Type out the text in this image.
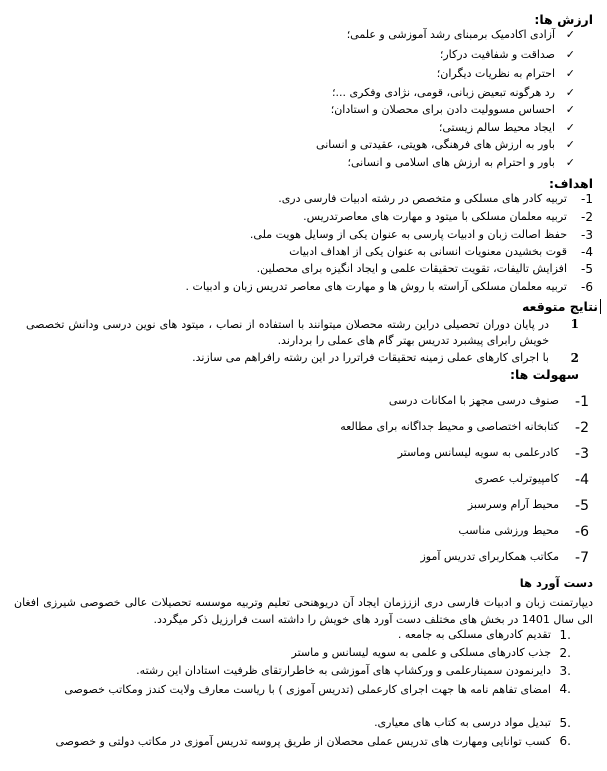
ارزش ها:
✓
آزادی اکادمیک برمبنای رشد آموزشی و علمی؛
✓
صداقت و شفافیت درکار؛
✓
احترام به نظریات دیگران؛
✓
رد هرگونه تبعیض زبانی، قومی، نژادی وفکری ...؛
✓
احساس مسوولیت دادن برای محصلان و استادان؛
✓
ایجاد محیط سالم زیستی؛
✓
باور به ارزش های فرهنگی، هویتی، عقیدتی و انسانی
✓
باور و احترام به ارزش های اسلامی و انسانی؛
اهداف:
1-
تربیه کادر های مسلکی و متخصص در رشته ادبیات فارسی دری.
2-
تربیه معلمان مسلکی با میتود و مهارت های معاصرتدریس.
3-
حفظ اصالت زبان و ادبیات پارسی به عنوان یکی از وسایل هویت ملی.
4-
قوت بخشیدن معنویات انسانی به عنوان یکی از اهداف ادبیات
5-
افزایش تالیفات، تقویت تحقیقات علمی و ایجاد انگیزه برای محصلین.
6-
تربیه معلمان مسلکی آراسته با روش ها و مهارت های معاصر تدریس زبان و ادبیات .
نتایج متوقعه
1
در پایان دوران تحصیلی دراین رشته محصلان میتوانند با استفاده از نصاب ، میتود های نوین درسی ودانش تخصصی خویش رابرای پیشبرد تدریس بهتر گام های عملی را بردارند.
2
با اجرای کارهای عملی زمینه تحقیقات فراتررا در این رشته رافراهم می سازند.
سهولت ها:
1-
صنوف درسی مجهز با امکانات درسی
2-
کتابخانه اختصاصی و محیط جداگانه برای مطالعه
3-
کادرعلمی به سویه لیسانس وماستر
4-
کامپیوترلب عصری
5-
محیط آرام وسرسبز
6-
محیط ورزشی مناسب
7-
مکاتب همکاربرای تدریس آموز
دست آورد ها
دیپارتمنت زبان و ادبیات فارسی دری ازززمان ایجاد آن دریوهنحی تعلیم وتربیه موسسه تحصیلات عالی خصوصی شیرزی افغان الی سال 1401 در بخش های مختلف دست آورد های خویش را داشته است فرارزیل ذکر میگردد.
.1
تقدیم کادرهای مسلکی به جامعه .
.2
جذب کادرهای مسلکی و علمی به سویه لیسانس و ماستر
.3
دایرنمودن سمینارعلمی و ورکشاپ های آموزشی به خاطرارتقای ظرفیت استادان این رشته.
.4
امضای تفاهم نامه ها جهت اجرای کارعملی (تدریس آموزی ) با ریاست معارف ولایت کندز ومکاتب خصوصی
.5
تبدیل مواد درسی به کتاب های معیاری.
.6
کسب توانایی ومهارت های تدریس عملی محصلان از طریق پروسه تدریس آموزی در مکاتب دولتی و خصوصی
